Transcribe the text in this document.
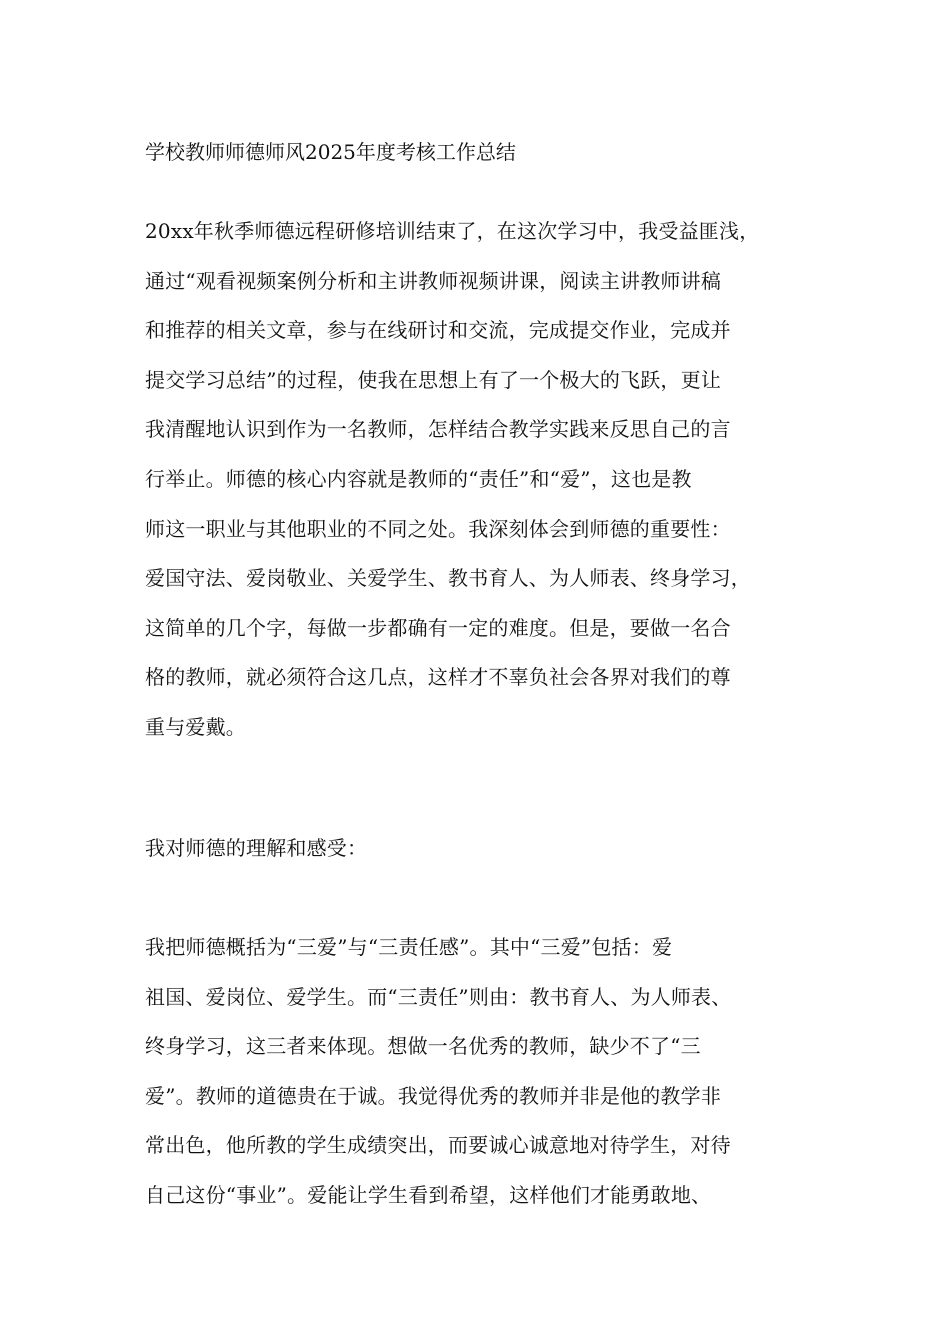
学校教师师德师风2025年度考核工作总结
20xx年秋季师德远程研修培训结束了，在这次学习中，我受益匪浅，
通过“观看视频案例分析和主讲教师视频讲课，阅读主讲教师讲稿
和推荐的相关文章，参与在线研讨和交流，完成提交作业，完成并
提交学习总结”的过程，使我在思想上有了一个极大的飞跃，更让
我清醒地认识到作为一名教师，怎样结合教学实践来反思自己的言
行举止。师德的核心内容就是教师的“责任”和“爱”，这也是教
师这一职业与其他职业的不同之处。我深刻体会到师德的重要性：
爱国守法、爱岗敬业、关爱学生、教书育人、为人师表、终身学习，
这简单的几个字，每做一步都确有一定的难度。但是，要做一名合
格的教师，就必须符合这几点，这样才不辜负社会各界对我们的尊
重与爱戴。
我对师德的理解和感受：
我把师德概括为“三爱”与“三责任感”。其中“三爱”包括：爱
祖国、爱岗位、爱学生。而“三责任”则由：教书育人、为人师表、
终身学习，这三者来体现。想做一名优秀的教师，缺少不了“三
爱”。教师的道德贵在于诚。我觉得优秀的教师并非是他的教学非
常出色，他所教的学生成绩突出，而要诚心诚意地对待学生，对待
自己这份“事业”。爱能让学生看到希望，这样他们才能勇敢地、
